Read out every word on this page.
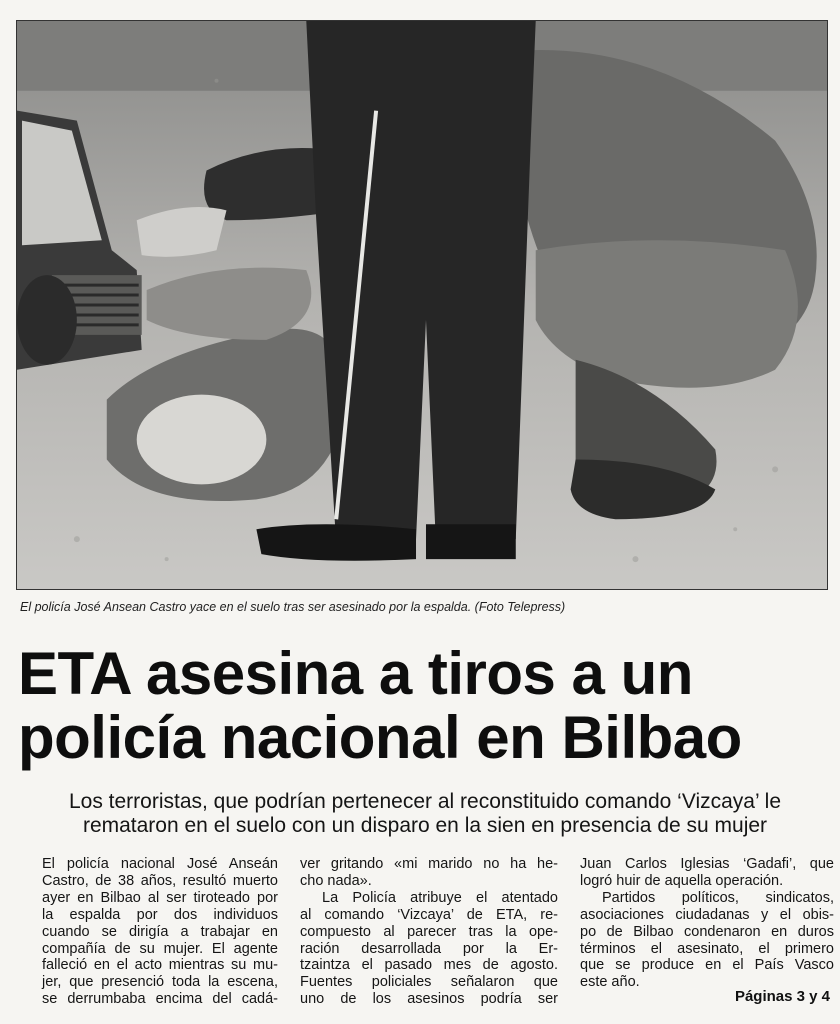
El policía José Ansean Castro yace en el suelo tras ser asesinado por la espalda. (Foto Telepress)
ETA asesina a tiros a un
policía nacional en Bilbao
Los terroristas, que podrían pertenecer al reconstituido comando ‘Vizcaya’ le
remataron en el suelo con un disparo en la sien en presencia de su mujer

El policía nacional José Anseán
Castro, de 38 años, resultó muerto
ayer en Bilbao al ser tiroteado por
la espalda por dos individuos
cuando se dirigía a trabajar en
compañía de su mujer. El agente
falleció en el acto mientras su mu-
jer, que presenció toda la escena,
se derrumbaba encima del cadá-

ver gritando «mi marido no ha he-
cho nada».

La Policía atribuye el atentado
al comando ‘Vizcaya’ de ETA, re-
compuesto al parecer tras la ope-
ración desarrollada por la Er-
tzaintza el pasado mes de agosto.
Fuentes policiales señalaron que
uno de los asesinos podría ser

Juan Carlos Iglesias ‘Gadafi’, que
logró huir de aquella operación.

Partidos políticos, sindicatos,
asociaciones ciudadanas y el obis-
po de Bilbao condenaron en duros
términos el asesinato, el primero
que se produce en el País Vasco
este año.

Páginas 3 y 4
